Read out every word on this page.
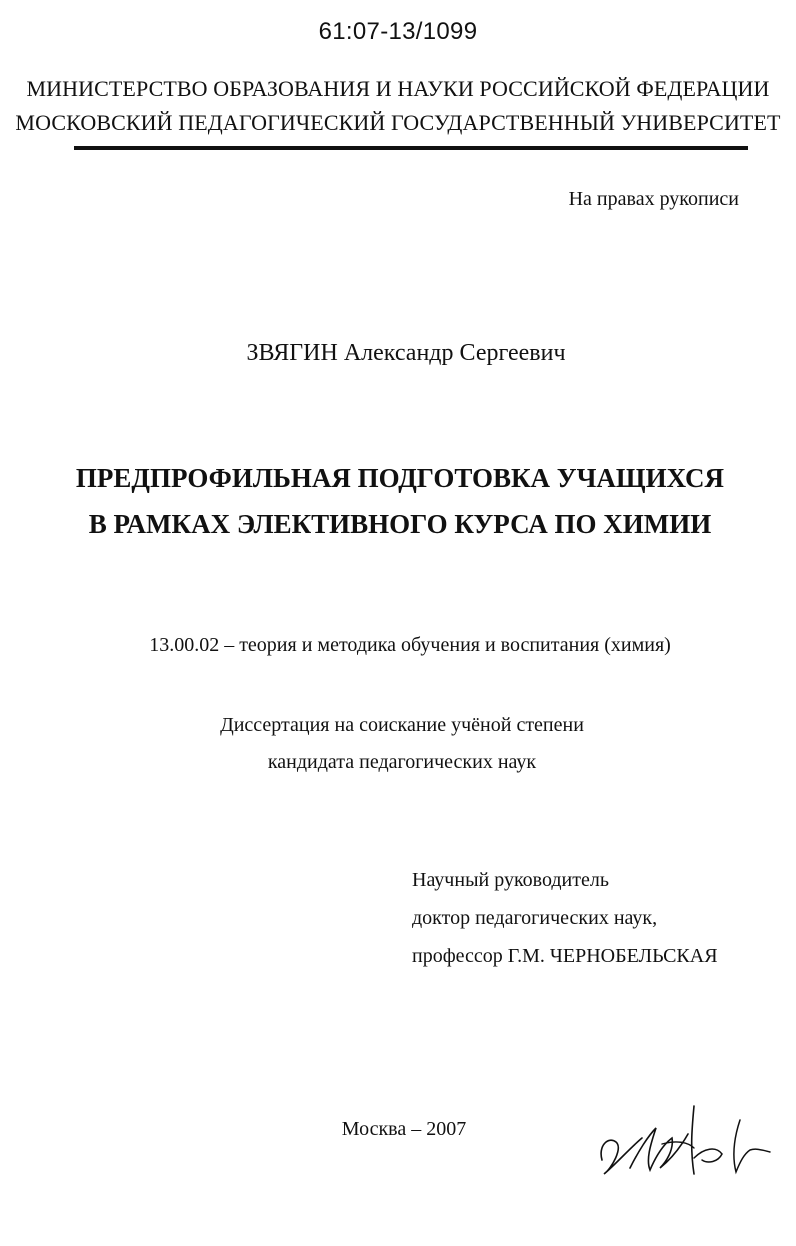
61:07-13/1099
МИНИСТЕРСТВО ОБРАЗОВАНИЯ И НАУКИ РОССИЙСКОЙ ФЕДЕРАЦИИ
МОСКОВСКИЙ ПЕДАГОГИЧЕСКИЙ ГОСУДАРСТВЕННЫЙ УНИВЕРСИТЕТ
На правах рукописи
ЗВЯГИН Александр Сергеевич
ПРЕДПРОФИЛЬНАЯ ПОДГОТОВКА УЧАЩИХСЯ
В РАМКАХ ЭЛЕКТИВНОГО КУРСА ПО ХИМИИ
13.00.02 – теория и методика обучения и воспитания (химия)
Диссертация на соискание учёной степени
кандидата педагогических наук
Научный руководитель
доктор педагогических наук,
профессор Г.М. ЧЕРНОБЕЛЬСКАЯ
Москва – 2007
